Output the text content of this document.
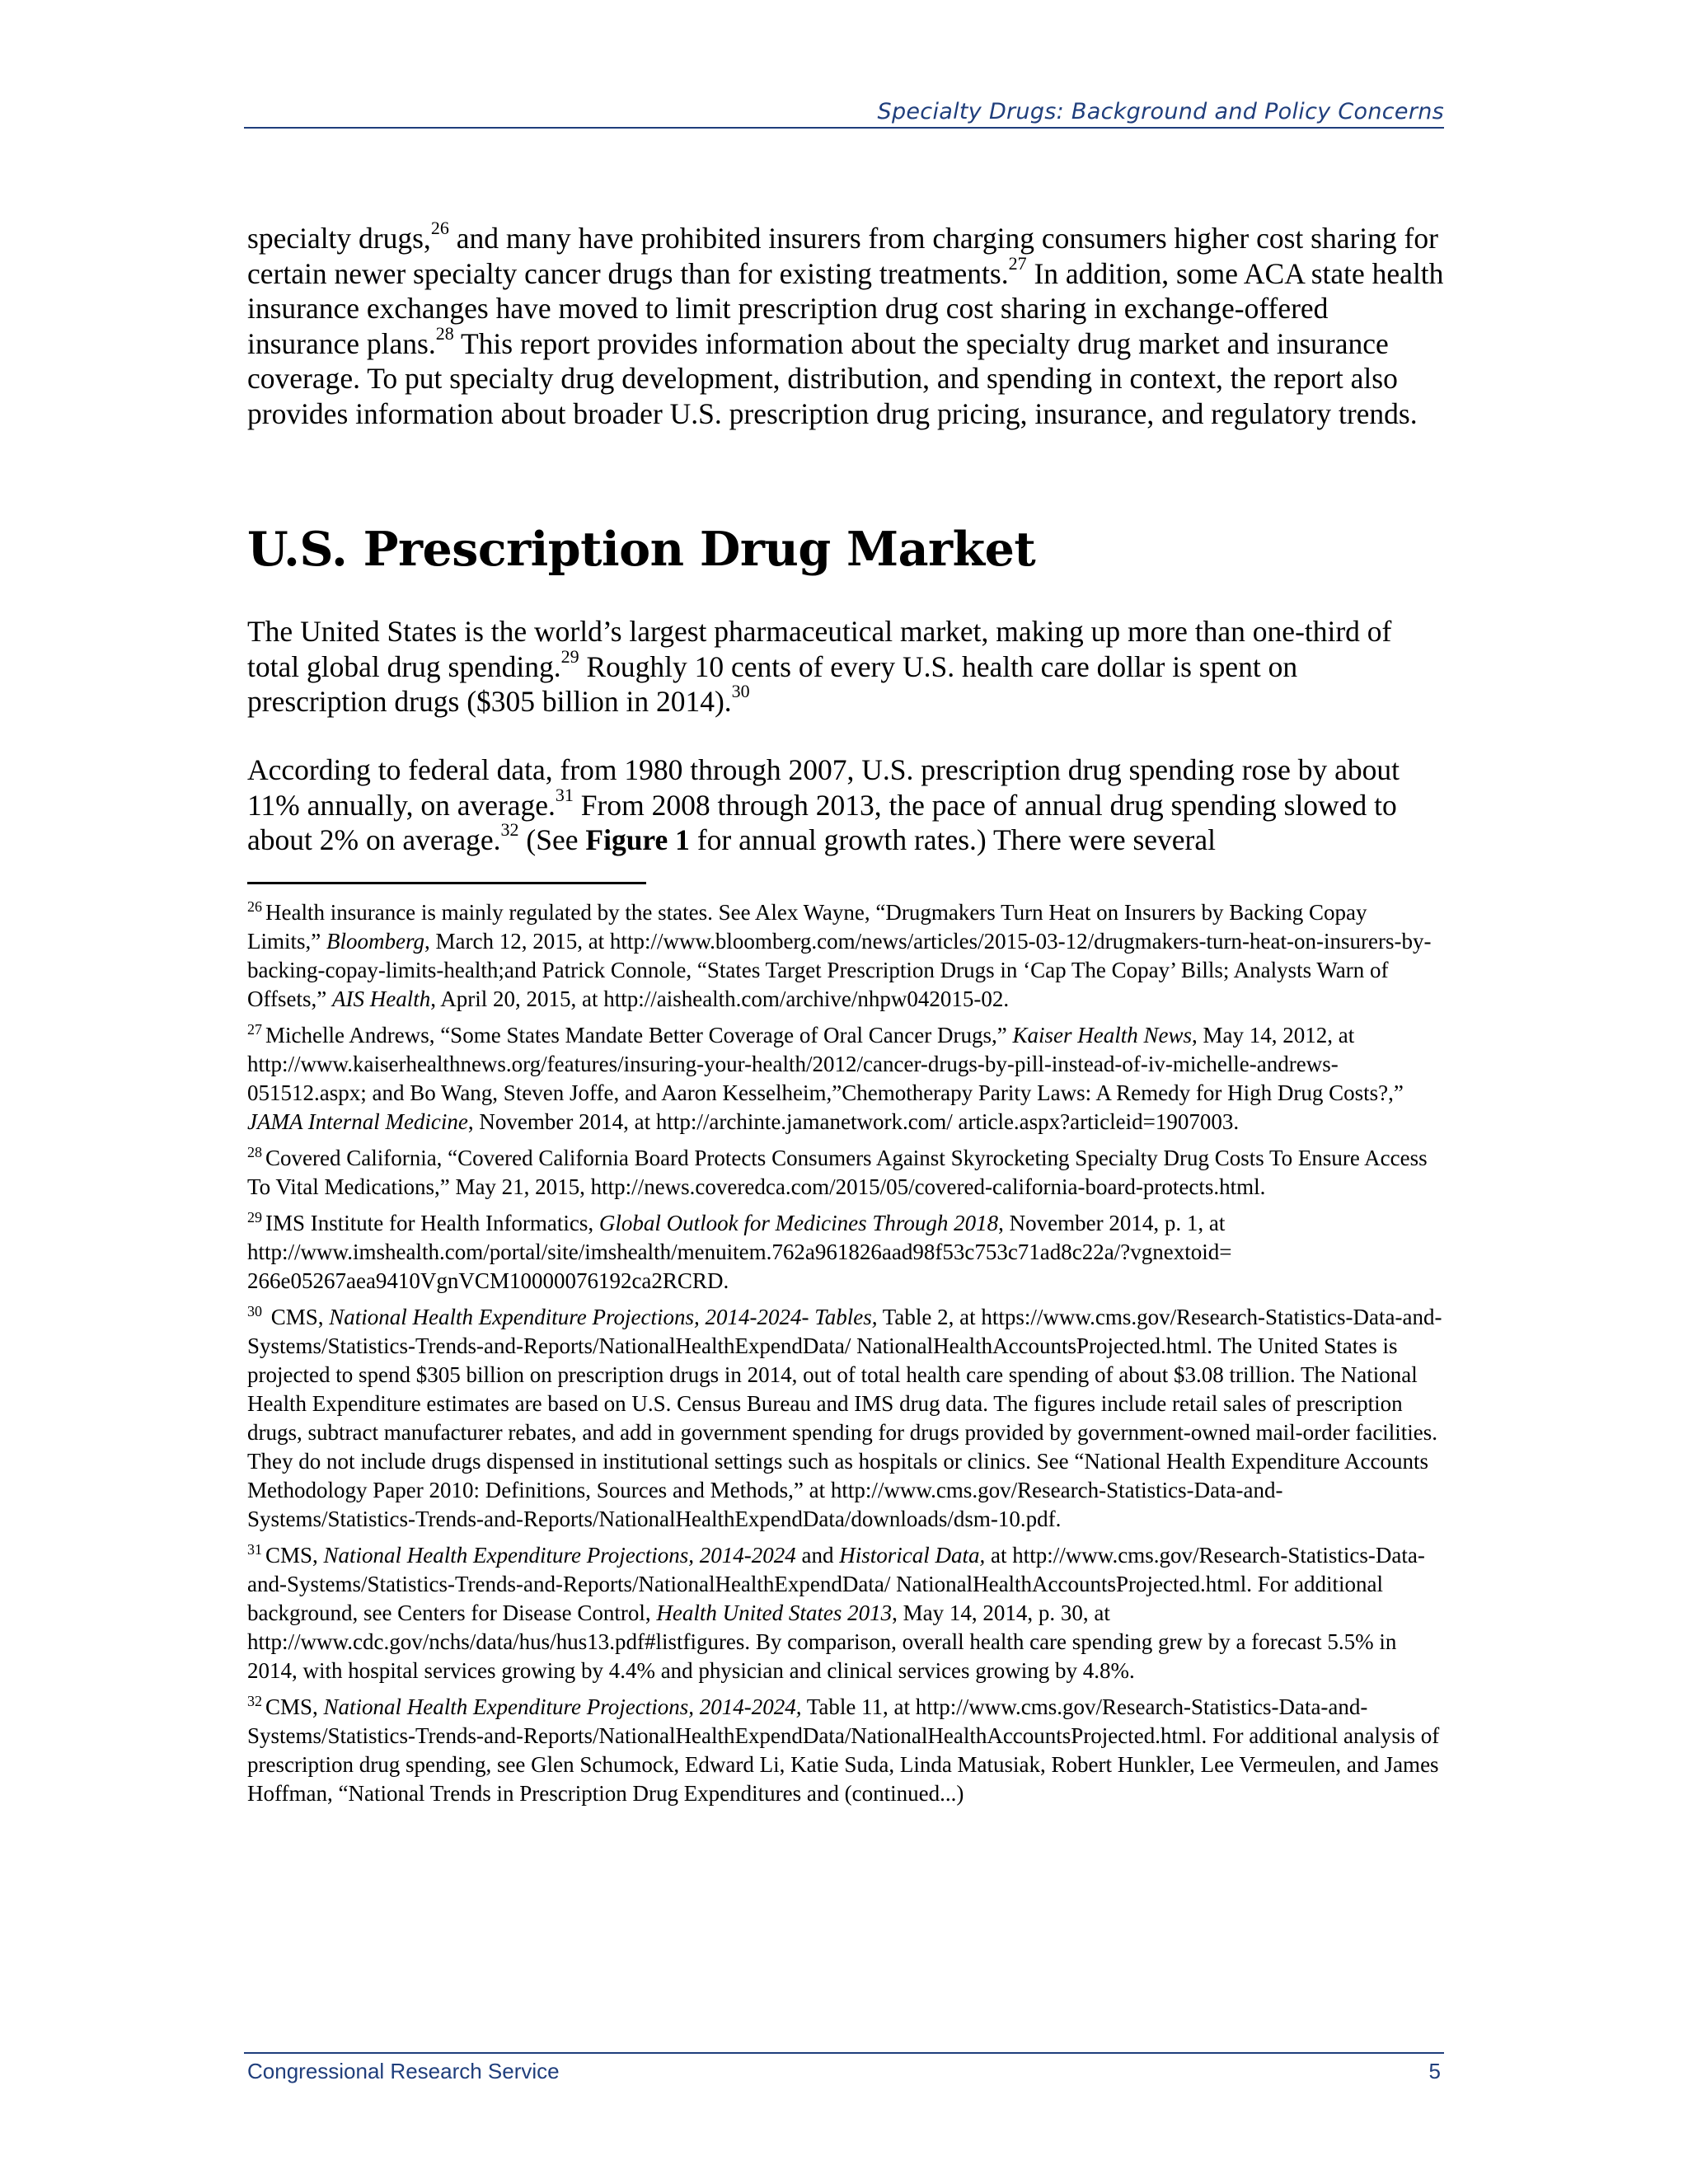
Specialty Drugs: Background and Policy Concerns
specialty drugs,$^{26}$ and many have prohibited insurers from charging consumers higher cost sharing for certain newer specialty cancer drugs than for existing treatments.$^{27}$ In addition, some ACA state health insurance exchanges have moved to limit prescription drug cost sharing in exchange-offered insurance plans.$^{28}$ This report provides information about the specialty drug market and insurance coverage. To put specialty drug development, distribution, and spending in context, the report also provides information about broader U.S. prescription drug pricing, insurance, and regulatory trends.
U.S. Prescription Drug Market
The United States is the world’s largest pharmaceutical market, making up more than one-third of total global drug spending.$^{29}$ Roughly 10 cents of every U.S. health care dollar is spent on prescription drugs ($305 billion in 2014).$^{30}$
According to federal data, from 1980 through 2007, U.S. prescription drug spending rose by about 11% annually, on average.$^{31}$ From 2008 through 2013, the pace of annual drug spending slowed to about 2% on average.$^{32}$ (See Figure 1 for annual growth rates.) There were several

$^{26}$ Health insurance is mainly regulated by the states. See Alex Wayne, “Drugmakers Turn Heat on Insurers by Backing Copay Limits,” Bloomberg, March 12, 2015, at http://www.bloomberg.com/news/articles/2015-03-12/drugmakers-turn-heat-on-insurers-by-backing-copay-limits-health;and Patrick Connole, “States Target Prescription Drugs in ‘Cap The Copay’ Bills; Analysts Warn of Offsets,” AIS Health, April 20, 2015, at http://aishealth.com/archive/nhpw042015-02.

$^{27}$ Michelle Andrews, “Some States Mandate Better Coverage of Oral Cancer Drugs,” Kaiser Health News, May 14, 2012, at http://www.kaiserhealthnews.org/features/insuring-your-health/2012/cancer-drugs-by-pill-instead-of-iv-michelle-andrews-051512.aspx; and Bo Wang, Steven Joffe, and Aaron Kesselheim,”Chemotherapy Parity Laws: A Remedy for High Drug Costs?,” JAMA Internal Medicine, November 2014, at http://archinte.jamanetwork.com/ article.aspx?articleid=1907003.

$^{28}$ Covered California, “Covered California Board Protects Consumers Against Skyrocketing Specialty Drug Costs To Ensure Access To Vital Medications,” May 21, 2015, http://news.coveredca.com/2015/05/covered-california-board-protects.html.

$^{29}$ IMS Institute for Health Informatics, Global Outlook for Medicines Through 2018, November 2014, p. 1, at http://www.imshealth.com/portal/site/imshealth/menuitem.762a961826aad98f53c753c71ad8c22a/?vgnextoid= 266e05267aea9410VgnVCM10000076192ca2RCRD.

$^{30}$ CMS, National Health Expenditure Projections, 2014-2024- Tables, Table 2, at https://www.cms.gov/Research-Statistics-Data-and-Systems/Statistics-Trends-and-Reports/NationalHealthExpendData/ NationalHealthAccountsProjected.html. The United States is projected to spend $305 billion on prescription drugs in 2014, out of total health care spending of about $3.08 trillion. The National Health Expenditure estimates are based on U.S. Census Bureau and IMS drug data. The figures include retail sales of prescription drugs, subtract manufacturer rebates, and add in government spending for drugs provided by government-owned mail-order facilities. They do not include drugs dispensed in institutional settings such as hospitals or clinics. See “National Health Expenditure Accounts Methodology Paper 2010: Definitions, Sources and Methods,” at http://www.cms.gov/Research-Statistics-Data-and-Systems/Statistics-Trends-and-Reports/NationalHealthExpendData/downloads/dsm-10.pdf.

$^{31}$ CMS, National Health Expenditure Projections, 2014-2024 and Historical Data, at http://www.cms.gov/Research-Statistics-Data-and-Systems/Statistics-Trends-and-Reports/NationalHealthExpendData/ NationalHealthAccountsProjected.html. For additional background, see Centers for Disease Control, Health United States 2013, May 14, 2014, p. 30, at http://www.cdc.gov/nchs/data/hus/hus13.pdf#listfigures. By comparison, overall health care spending grew by a forecast 5.5% in 2014, with hospital services growing by 4.4% and physician and clinical services growing by 4.8%.

$^{32}$ CMS, National Health Expenditure Projections, 2014-2024, Table 11, at http://www.cms.gov/Research-Statistics-Data-and-Systems/Statistics-Trends-and-Reports/NationalHealthExpendData/NationalHealthAccountsProjected.html. For additional analysis of prescription drug spending, see Glen Schumock, Edward Li, Katie Suda, Linda Matusiak, Robert Hunkler, Lee Vermeulen, and James Hoffman, “National Trends in Prescription Drug Expenditures and (continued...)

Congressional Research Service	5
